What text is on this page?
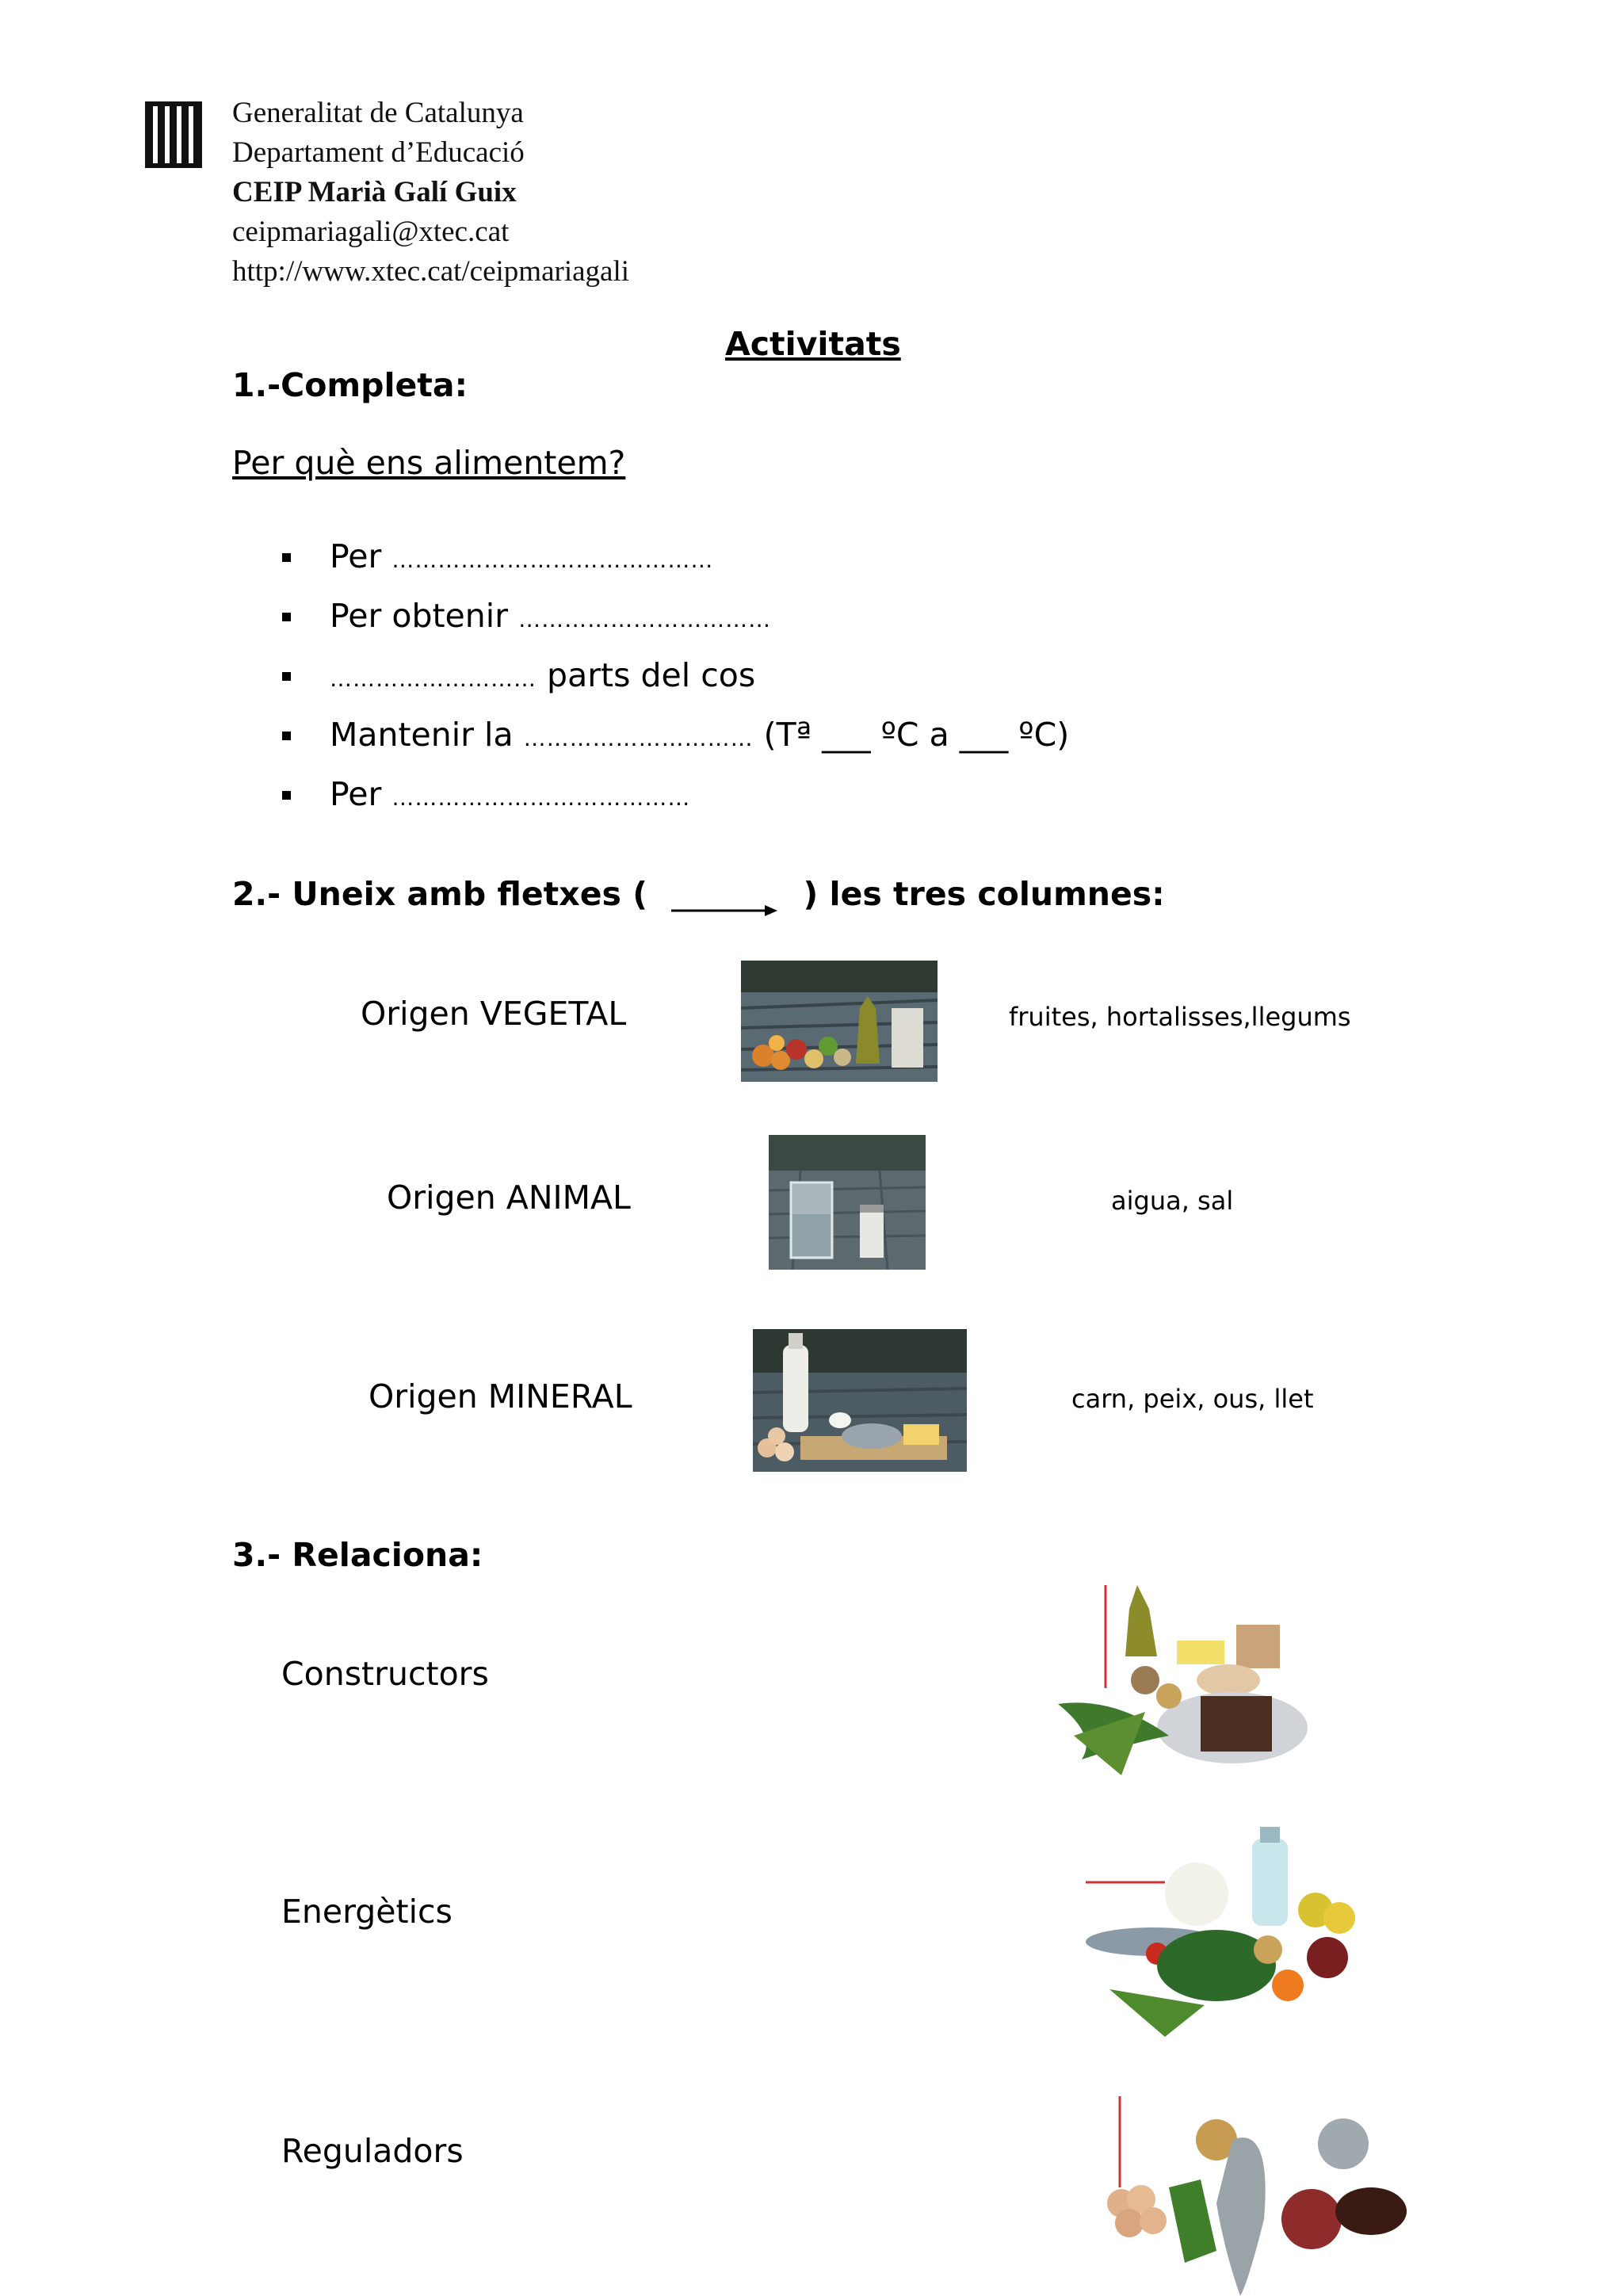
Generalitat de Catalunya
Departament d’Educació
CEIP Marià Galí Guix
ceipmariagali@xtec.cat
http://www.xtec.cat/ceipmariagali
Activitats
1.-Completa:
Per què ens alimentem?
Per ……………………………………
Per obtenir ……………………………
……………………… parts del cos
Mantenir la ………………………… (Tª ___ ºC a ___ ºC)
Per …………………………………
2.- Uneix amb fletxes (	) les tres columnes:
Origen VEGETAL
Origen ANIMAL
Origen MINERAL
fruites, hortalisses,llegums
aigua, sal
carn, peix, ous, llet
3.- Relaciona:
Constructors
Energètics
Reguladors
